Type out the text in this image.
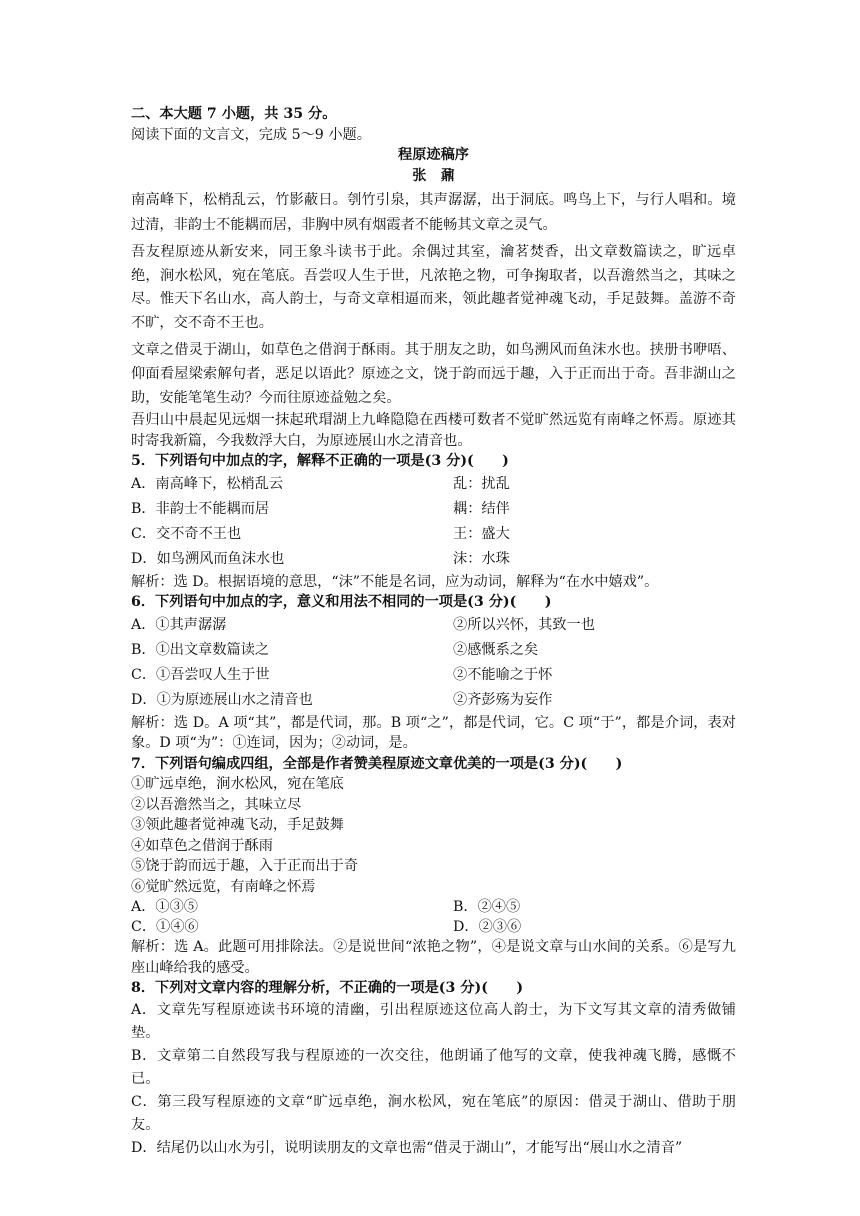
二、本大题 7 小题，共 35 分。

阅读下面的文言文，完成 5～9 小题。

程原迹稿序

张　鼐

南高峰下，松梢乱云，竹影蔽日。刳竹引泉，其声潺潺，出于洞底。鸣鸟上下，与行人唱和。境过清，非韵士不能耦而居，非胸中夙有烟霞者不能畅其文章之灵气。

吾友程原迹从新安来，同王象斗读书于此。余偶过其室，瀹茗焚香，出文章数篇读之，旷远卓绝，涧水松风，宛在笔底。吾尝叹人生于世，凡浓艳之物，可争掬取者，以吾澹然当之，其味之尽。惟天下名山水，高人韵士，与奇文章相逼而来，领此趣者觉神魂飞动，手足鼓舞。盖游不奇不旷，交不奇不王也。

文章之借灵于湖山，如草色之借润于酥雨。其于朋友之助，如鸟溯风而鱼沫水也。挟册书咿唔、仰面看屋梁索解句者，恶足以语此？原迹之文，饶于韵而远于趣，入于正而出于奇。吾非湖山之助，安能笔笔生动？今而往原迹益勉之矣。

吾归山中晨起见远烟一抹起玳瑁湖上九峰隐隐在西楼可数者不觉旷然远览有南峰之怀焉。原迹其时寄我新篇，今我数浮大白，为原迹展山水之清音也。

5．下列语句中加点的字，解释不正确的一项是(3 分)(　　)

A．南高峰下，松梢乱云	乱：扰乱
B．非韵士不能耦而居	耦：结伴
C．交不奇不王也	王：盛大
D．如鸟溯风而鱼沫水也	沫：水珠

解析：选 D。根据语境的意思，“沫”不能是名词，应为动词，解释为“在水中嬉戏”。

6．下列语句中加点的字，意义和用法不相同的一项是(3 分)(　　)

A．①其声潺潺	②所以兴怀，其致一也
B．①出文章数篇读之	②感慨系之矣
C．①吾尝叹人生于世	②不能喻之于怀
D．①为原迹展山水之清音也	②齐彭殇为妄作

解析：选 D。A 项“其”，都是代词，那。B 项“之”，都是代词，它。C 项“于”，都是介词，表对象。D 项“为”：①连词，因为；②动词，是。

7．下列语句编成四组，全部是作者赞美程原迹文章优美的一项是(3 分)(　　)

①旷远卓绝，涧水松风，宛在笔底

②以吾澹然当之，其味立尽

③领此趣者觉神魂飞动，手足鼓舞

④如草色之借润于酥雨

⑤饶于韵而远于趣，入于正而出于奇

⑥觉旷然远览，有南峰之怀焉

A．①③⑤	B．②④⑤
C．①④⑥	D．②③⑥

解析：选 A。此题可用排除法。②是说世间“浓艳之物”，④是说文章与山水间的关系。⑥是写九座山峰给我的感受。

8．下列对文章内容的理解分析，不正确的一项是(3 分)(　　)

A．文章先写程原迹读书环境的清幽，引出程原迹这位高人韵士，为下文写其文章的清秀做铺垫。

B．文章第二自然段写我与程原迹的一次交往，他朗诵了他写的文章，使我神魂飞腾，感慨不已。

C．第三段写程原迹的文章“旷远卓绝，涧水松风，宛在笔底”的原因：借灵于湖山、借助于朋友。

D．结尾仍以山水为引，说明读朋友的文章也需“借灵于湖山”，才能写出“展山水之清音”
